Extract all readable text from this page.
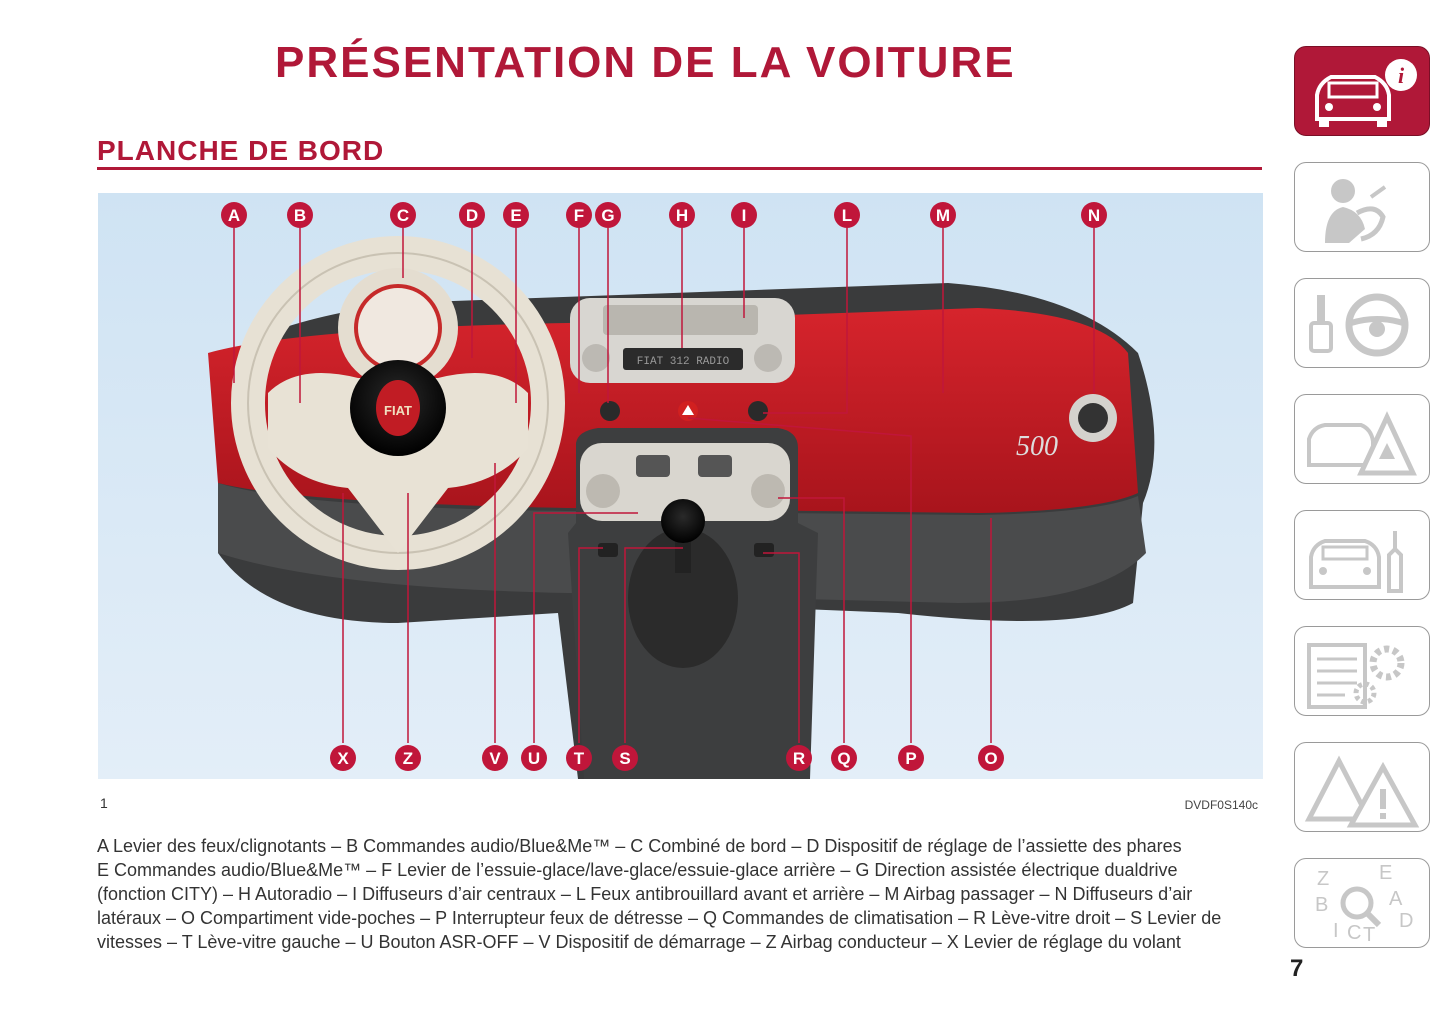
PRÉSENTATION DE LA VOITURE
PLANCHE DE BORD
FIAT 312 RADIO
500
FIAT
A	B	C	D E	F G	H	I	L	M	N
X	Z	V U T S	R Q	P	O
1	DVDF0S140c
A Levier des feux/clignotants – B Commandes audio/Blue&Me™ – C Combiné de bord – D Dispositif de réglage de l’assiette des phares
E Commandes audio/Blue&Me™ – F Levier de l’essuie-glace/lave-glace/essuie-glace arrière – G Direction assistée électrique dualdrive
(fonction CITY) – H Autoradio – I Diffuseurs d’air centraux – L Feux antibrouillard avant et arrière – M Airbag passager – N Diffuseurs d’air
latéraux – O Compartiment vide-poches – P Interrupteur feux de détresse – Q Commandes de climatisation – R Lève-vitre droit – S Levier de
vitesses – T Lève-vitre gauche – U Bouton ASR-OFF – V Dispositif de démarrage – Z Airbag conducteur – X Levier de réglage du volant
i
Z E
B	A
I C T
D
7
